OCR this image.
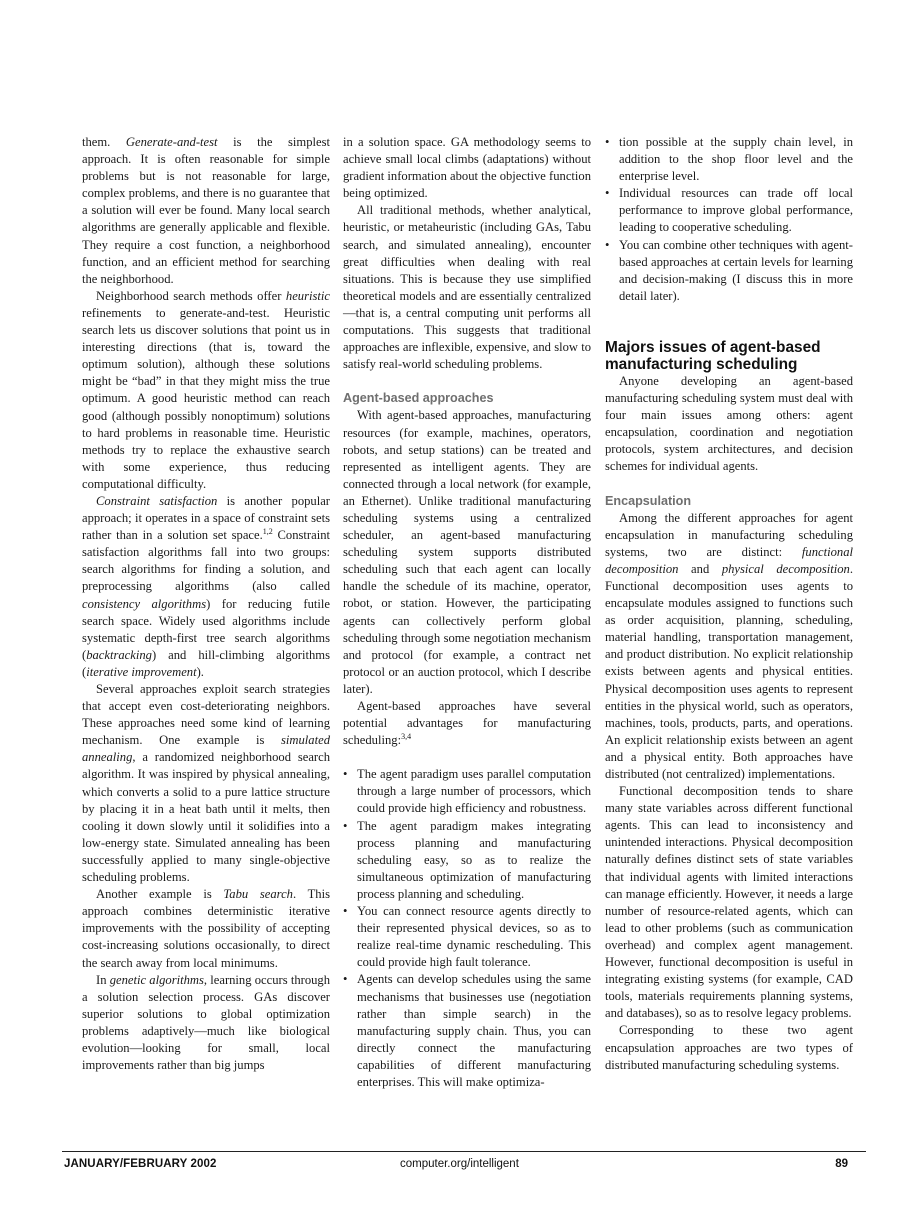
them. Generate-and-test is the simplest approach. It is often reasonable for simple problems but is not reasonable for large, complex problems, and there is no guarantee that a solution will ever be found. Many local search algorithms are generally applicable and flexible. They require a cost function, a neighborhood function, and an efficient method for searching the neighborhood.

Neighborhood search methods offer heuristic refinements to generate-and-test. Heuristic search lets us discover solutions that point us in interesting directions (that is, toward the optimum solution), although these solutions might be “bad” in that they might miss the true optimum. A good heuristic method can reach good (although possibly nonoptimum) solutions to hard problems in reasonable time. Heuristic methods try to replace the exhaustive search with some experience, thus reducing computational difficulty.

Constraint satisfaction is another popular approach; it operates in a space of constraint sets rather than in a solution set space.$^{1,2}$ Constraint satisfaction algorithms fall into two groups: search algorithms for finding a solution, and preprocessing algorithms (also called consistency algorithms) for reducing futile search space. Widely used algorithms include systematic depth-first tree search algorithms (backtracking) and hill-climbing algorithms (iterative improvement).

Several approaches exploit search strategies that accept even cost-deteriorating neighbors. These approaches need some kind of learning mechanism. One example is simulated annealing, a randomized neighborhood search algorithm. It was inspired by physical annealing, which converts a solid to a pure lattice structure by placing it in a heat bath until it melts, then cooling it down slowly until it solidifies into a low-energy state. Simulated annealing has been successfully applied to many single-objective scheduling problems.

Another example is Tabu search. This approach combines deterministic iterative improvements with the possibility of accepting cost-increasing solutions occasionally, to direct the search away from local minimums.

In genetic algorithms, learning occurs through a solution selection process. GAs discover superior solutions to global optimization problems adaptively—much like biological evolution—looking for small, local improvements rather than big jumps

in a solution space. GA methodology seems to achieve small local climbs (adaptations) without gradient information about the objective function being optimized.

All traditional methods, whether analytical, heuristic, or metaheuristic (including GAs, Tabu search, and simulated annealing), encounter great difficulties when dealing with real situations. This is because they use simplified theoretical models and are essentially centralized—that is, a central computing unit performs all computations. This suggests that traditional approaches are inflexible, expensive, and slow to satisfy real-world scheduling problems.

Agent-based approaches

With agent-based approaches, manufacturing resources (for example, machines, operators, robots, and setup stations) can be treated and represented as intelligent agents. They are connected through a local network (for example, an Ethernet). Unlike traditional manufacturing scheduling systems using a centralized scheduler, an agent-based manufacturing scheduling system supports distributed scheduling such that each agent can locally handle the schedule of its machine, operator, robot, or station. However, the participating agents can collectively perform global scheduling through some negotiation mechanism and protocol (for example, a contract net protocol or an auction protocol, which I describe later).

Agent-based approaches have several potential advantages for manufacturing scheduling:$^{3,4}$

• The agent paradigm uses parallel computation through a large number of processors, which could provide high efficiency and robustness.
• The agent paradigm makes integrating process planning and manufacturing scheduling easy, so as to realize the simultaneous optimization of manufacturing process planning and scheduling.
• You can connect resource agents directly to their represented physical devices, so as to realize real-time dynamic rescheduling. This could provide high fault tolerance.
• Agents can develop schedules using the same mechanisms that businesses use (negotiation rather than simple search) in the manufacturing supply chain. Thus, you can directly connect the manufacturing capabilities of different manufacturing enterprises. This will make optimiza-
• tion possible at the supply chain level, in addition to the shop floor level and the enterprise level.
• Individual resources can trade off local performance to improve global performance, leading to cooperative scheduling.
• You can combine other techniques with agent-based approaches at certain levels for learning and decision-making (I discuss this in more detail later).
Majors issues of agent-based manufacturing scheduling

Anyone developing an agent-based manufacturing scheduling system must deal with four main issues among others: agent encapsulation, coordination and negotiation protocols, system architectures, and decision schemes for individual agents.

Encapsulation

Among the different approaches for agent encapsulation in manufacturing scheduling systems, two are distinct: functional decomposition and physical decomposition. Functional decomposition uses agents to encapsulate modules assigned to functions such as order acquisition, planning, scheduling, material handling, transportation management, and product distribution. No explicit relationship exists between agents and physical entities. Physical decomposition uses agents to represent entities in the physical world, such as operators, machines, tools, products, parts, and operations. An explicit relationship exists between an agent and a physical entity. Both approaches have distributed (not centralized) implementations.

Functional decomposition tends to share many state variables across different functional agents. This can lead to inconsistency and unintended interactions. Physical decomposition naturally defines distinct sets of state variables that individual agents with limited interactions can manage efficiently. However, it needs a large number of resource-related agents, which can lead to other problems (such as communication overhead) and complex agent management. However, functional decomposition is useful in integrating existing systems (for example, CAD tools, materials requirements planning systems, and databases), so as to resolve legacy problems.

Corresponding to these two agent encapsulation approaches are two types of distributed manufacturing scheduling systems.

JANUARY/FEBRUARY 2002	computer.org/intelligent	89
